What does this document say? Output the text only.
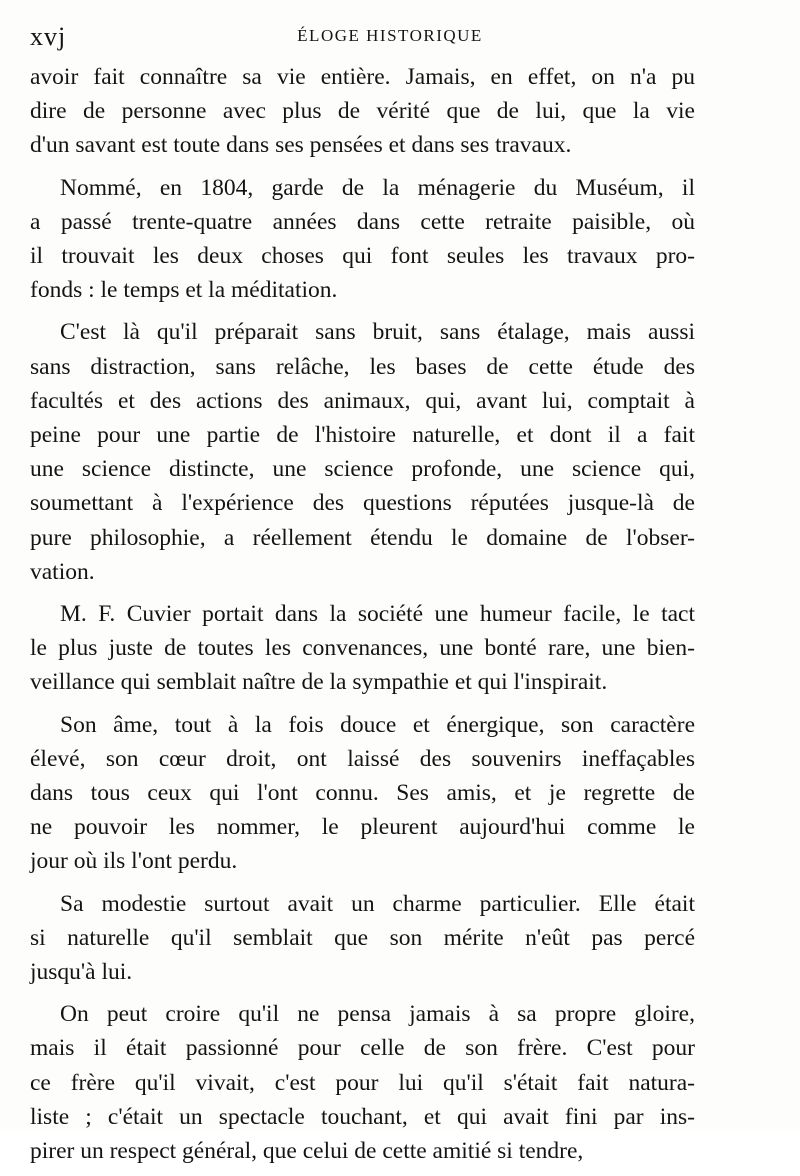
xvj	ÉLOGE HISTORIQUE
avoir fait connaître sa vie entière. Jamais, en effet, on n'a pu
dire de personne avec plus de vérité que de lui, que la vie
d'un savant est toute dans ses pensées et dans ses travaux.
Nommé, en 1804, garde de la ménagerie du Muséum, il
a passé trente-quatre années dans cette retraite paisible, où
il trouvait les deux choses qui font seules les travaux pro-
fonds : le temps et la méditation.
C'est là qu'il préparait sans bruit, sans étalage, mais aussi
sans distraction, sans relâche, les bases de cette étude des
facultés et des actions des animaux, qui, avant lui, comptait à
peine pour une partie de l'histoire naturelle, et dont il a fait
une science distincte, une science profonde, une science qui,
soumettant à l'expérience des questions réputées jusque-là de
pure philosophie, a réellement étendu le domaine de l'obser-
vation.
M. F. Cuvier portait dans la société une humeur facile, le tact
le plus juste de toutes les convenances, une bonté rare, une bien-
veillance qui semblait naître de la sympathie et qui l'inspirait.
Son âme, tout à la fois douce et énergique, son caractère
élevé, son cœur droit, ont laissé des souvenirs ineffaçables
dans tous ceux qui l'ont connu. Ses amis, et je regrette de
ne pouvoir les nommer, le pleurent aujourd'hui comme le
jour où ils l'ont perdu.
Sa modestie surtout avait un charme particulier. Elle était
si naturelle qu'il semblait que son mérite n'eût pas percé
jusqu'à lui.
On peut croire qu'il ne pensa jamais à sa propre gloire,
mais il était passionné pour celle de son frère. C'est pour
ce frère qu'il vivait, c'est pour lui qu'il s'était fait natura-
liste ; c'était un spectacle touchant, et qui avait fini par ins-
pirer un respect général, que celui de cette amitié si tendre,
